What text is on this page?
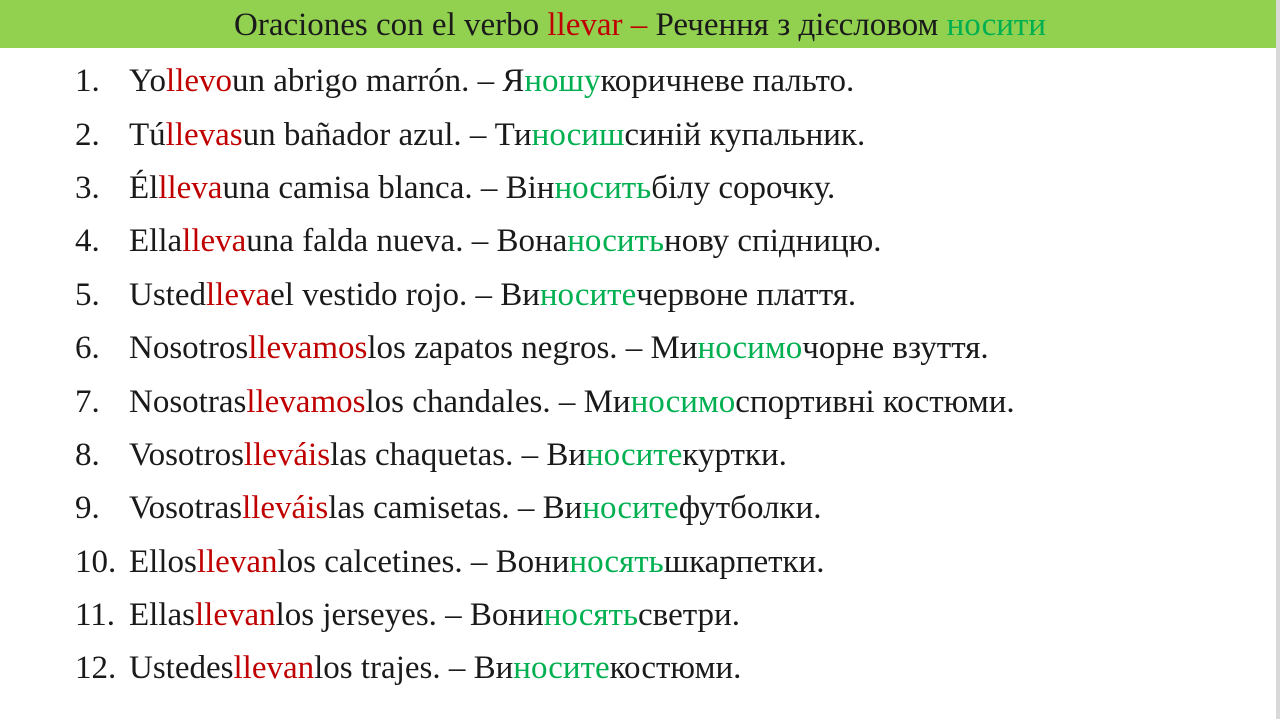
Oraciones con el verbo llevar – Речення з дієсловом носити
1. Yo llevo un abrigo marrón. – Я ношу коричневе пальто.
2. Tú llevas un bañador azul. – Ти носиш синій купальник.
3. Él lleva una camisa blanca. – Він носить білу сорочку.
4. Ella lleva una falda nueva. – Вона носить нову спідницю.
5. Usted lleva el vestido rojo. – Ви носите червоне плаття.
6. Nosotros llevamos los zapatos negros. – Ми носимо чорне взуття.
7. Nosotras llevamos los chandales. – Ми носимо спортивні костюми.
8. Vosotros lleváis las chaquetas. – Ви носите куртки.
9. Vosotras lleváis las camisetas. – Ви носите футболки.
10. Ellos llevan los calcetines. – Вони носять шкарпетки.
11. Ellas llevan los jerseyes. – Вони носять светри.
12. Ustedes llevan los trajes. – Ви носите костюми.
